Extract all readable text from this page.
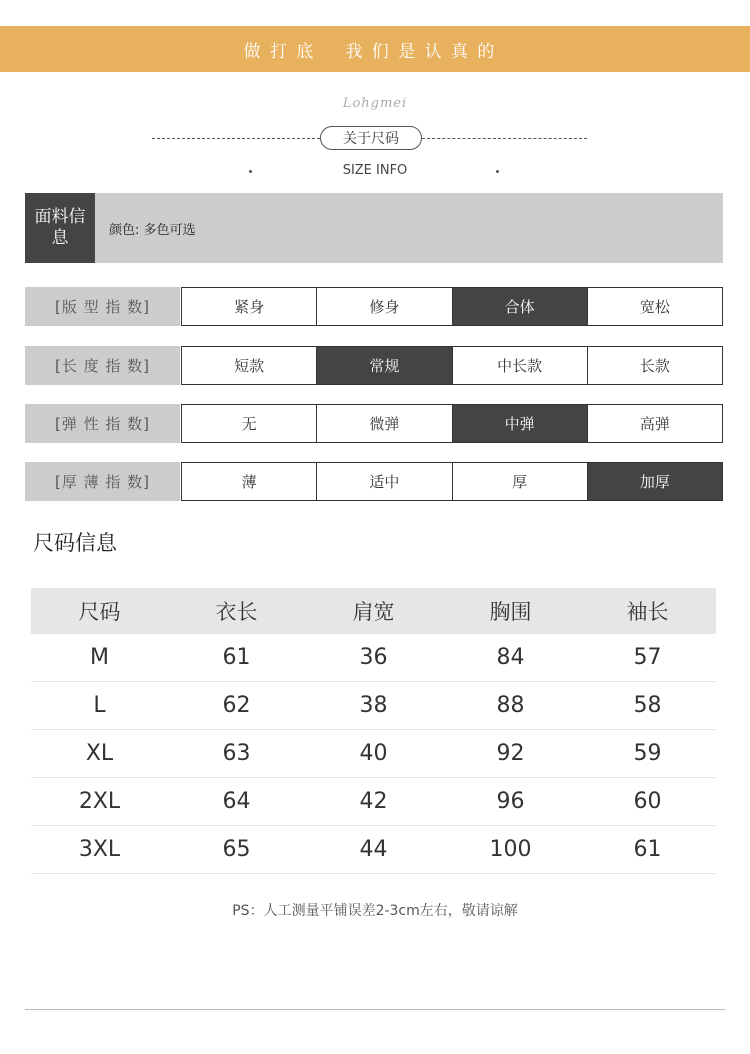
做 打 底 我 们 是 认 真 的
Lohgmei
关于尺码
SIZE INFO
面料信息	颜色: 多色可选
[版 型 指 数]	紧身	修身	合体	宽松
[长 度 指 数]	短款	常规	中长款	长款
[弹 性 指 数]	无	微弹	中弹	高弹
[厚 薄 指 数]	薄	适中	厚	加厚
尺码信息
尺码	衣长	肩宽	胸围	袖长
M	61	36	84	57
L	62	38	88	58
XL	63	40	92	59
2XL	64	42	96	60
3XL	65	44	100	61
PS：人工测量平铺误差2-3cm左右，敬请谅解
